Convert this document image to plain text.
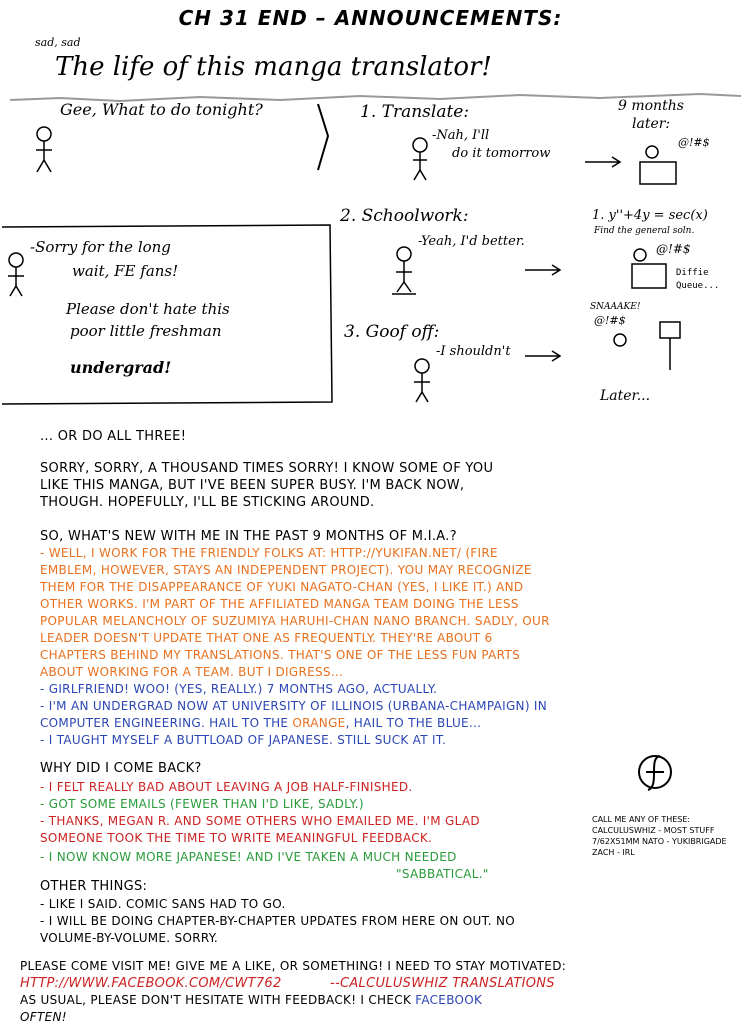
CH 31 END – ANNOUNCEMENTS:
sad, sad
The life of this manga translator!
Gee, What to do tonight?	1. Translate:
-Nah, I'll
do it tomorrow
9 months
later:
@!#$
2. Schoolwork:
-Yeah, I'd better.
1. y''+4y = sec(x)
Find the general soln.
@!#$
Diffie
Queue...
3. Goof off:
-I shouldn't
SNAAAKE!
@!#$
Later...
-Sorry for the long
wait, FE fans!
Please don't hate this
poor little freshman
undergrad!
... OR DO ALL THREE!
SORRY, SORRY, A THOUSAND TIMES SORRY! I KNOW SOME OF YOU
LIKE THIS MANGA, BUT I'VE BEEN SUPER BUSY. I'M BACK NOW,
THOUGH. HOPEFULLY, I'LL BE STICKING AROUND.
SO, WHAT'S NEW WITH ME IN THE PAST 9 MONTHS OF M.I.A.?
- WELL, I WORK FOR THE FRIENDLY FOLKS AT: HTTP://YUKIFAN.NET/ (FIRE
EMBLEM, HOWEVER, STAYS AN INDEPENDENT PROJECT). YOU MAY RECOGNIZE
THEM FOR THE DISAPPEARANCE OF YUKI NAGATO-CHAN (YES, I LIKE IT.) AND
OTHER WORKS. I'M PART OF THE AFFILIATED MANGA TEAM DOING THE LESS
POPULAR MELANCHOLY OF SUZUMIYA HARUHI-CHAN NANO BRANCH. SADLY, OUR
LEADER DOESN'T UPDATE THAT ONE AS FREQUENTLY. THEY'RE ABOUT 6
CHAPTERS BEHIND MY TRANSLATIONS. THAT'S ONE OF THE LESS FUN PARTS
ABOUT WORKING FOR A TEAM. BUT I DIGRESS...
- GIRLFRIEND! WOO! (YES, REALLY.) 7 MONTHS AGO, ACTUALLY.
- I'M AN UNDERGRAD NOW AT UNIVERSITY OF ILLINOIS (URBANA-CHAMPAIGN) IN
COMPUTER ENGINEERING. HAIL TO THE ORANGE, HAIL TO THE BLUE...
- I TAUGHT MYSELF A BUTTLOAD OF JAPANESE. STILL SUCK AT IT.
WHY DID I COME BACK?
- I FELT REALLY BAD ABOUT LEAVING A JOB HALF-FINISHED.
- GOT SOME EMAILS (FEWER THAN I'D LIKE, SADLY.)
- THANKS, MEGAN R. AND SOME OTHERS WHO EMAILED ME. I'M GLAD
SOMEONE TOOK THE TIME TO WRITE MEANINGFUL FEEDBACK.
- I NOW KNOW MORE JAPANESE! AND I'VE TAKEN A MUCH NEEDED
"SABBATICAL."
OTHER THINGS:
- LIKE I SAID. COMIC SANS HAD TO GO.
- I WILL BE DOING CHAPTER-BY-CHAPTER UPDATES FROM HERE ON OUT. NO
VOLUME-BY-VOLUME. SORRY.
PLEASE COME VISIT ME! GIVE ME A LIKE, OR SOMETHING! I NEED TO STAY MOTIVATED:
HTTP://WWW.FACEBOOK.COM/CWT762	--CALCULUSWHIZ TRANSLATIONS
AS USUAL, PLEASE DON'T HESITATE WITH FEEDBACK! I CHECK FACEBOOK
OFTEN!
CALL ME ANY OF THESE:
CALCULUSWHIZ - MOST STUFF
7/62X51MM NATO - YUKIBRIGADE
ZACH - IRL
